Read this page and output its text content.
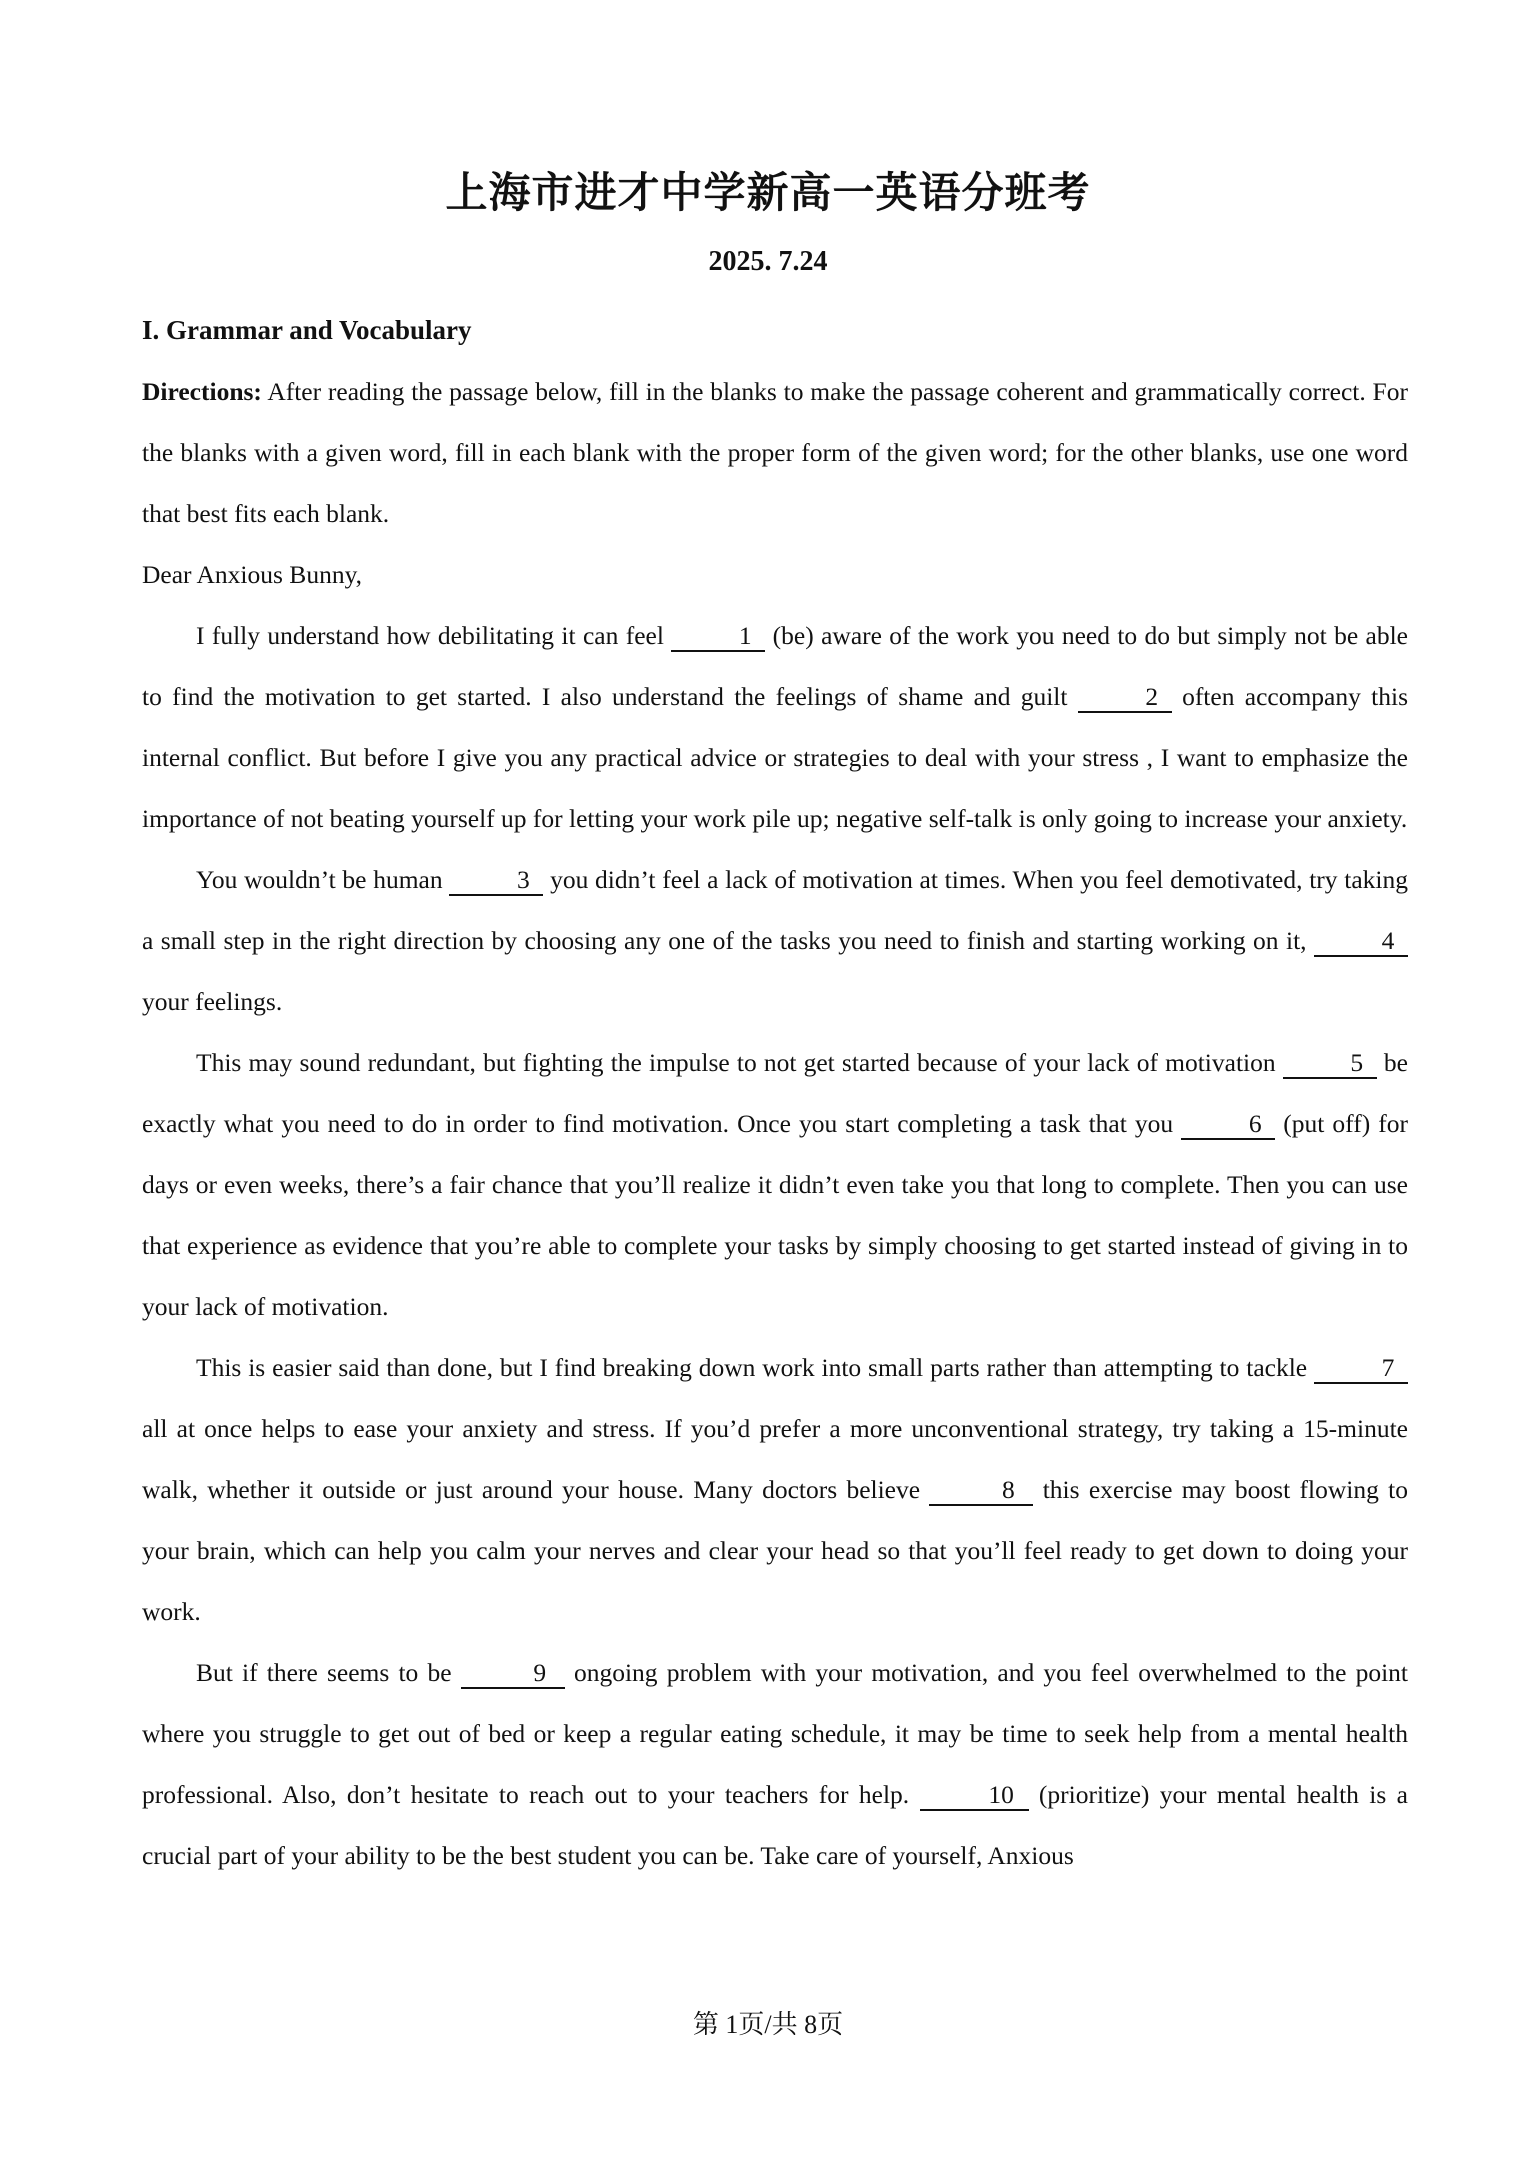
上海市进才中学新高一英语分班考
2025. 7.24
I. Grammar and Vocabulary

Directions: After reading the passage below, fill in the blanks to make the passage coherent and grammatically correct. For the blanks with a given word, fill in each blank with the proper form of the given word; for the other blanks, use one word that best fits each blank.

Dear Anxious Bunny,

I fully understand how debilitating it can feel	1 (be) aware of the work you need to do but simply not be able to find the motivation to get started. I also understand the feelings of shame and guilt	2 often accompany this internal conflict. But before I give you any practical advice or strategies to deal with your stress , I want to emphasize the importance of not beating yourself up for letting your work pile up; negative self-talk is only going to increase your anxiety.

You wouldn’t be human	3 you didn’t feel a lack of motivation at times. When you feel demotivated, try taking a small step in the right direction by choosing any one of the tasks you need to finish and starting working on it,	4 your feelings.

This may sound redundant, but fighting the impulse to not get started because of your lack of motivation	5 be exactly what you need to do in order to find motivation. Once you start completing a task that you	6 (put off) for days or even weeks, there’s a fair chance that you’ll realize it didn’t even take you that long to complete. Then you can use that experience as evidence that you’re able to complete your tasks by simply choosing to get started instead of giving in to your lack of motivation.

This is easier said than done, but I find breaking down work into small parts rather than attempting to tackle	7 all at once helps to ease your anxiety and stress. If you’d prefer a more unconventional strategy, try taking a 15-minute walk, whether it outside or just around your house. Many doctors believe	8 this exercise may boost flowing to your brain, which can help you calm your nerves and clear your head so that you’ll feel ready to get down to doing your work.

But if there seems to be	9 ongoing problem with your motivation, and you feel overwhelmed to the point where you struggle to get out of bed or keep a regular eating schedule, it may be time to seek help from a mental health professional. Also, don’t hesitate to reach out to your teachers for help.	10 (prioritize) your mental health is a crucial part of your ability to be the best student you can be. Take care of yourself, Anxious

第 1页/共 8页
